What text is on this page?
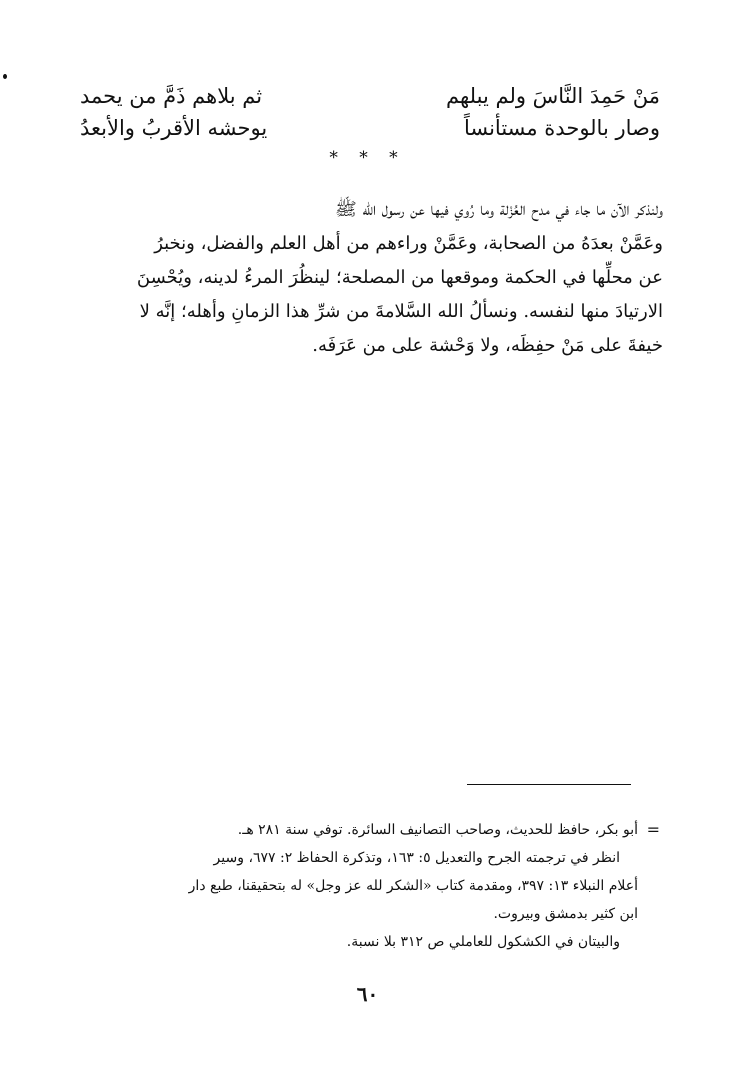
مَنْ حَمِدَ النَّاسَ ولم يبلهم
ثم بلاهم ذَمَّ من يحمد
وصار بالوحدة مستأنساً
يوحشه الأقربُ والأبعدُ
* * *
ولنذكر الآن ما جاء في مدح العُزْلة وما رُوي فيها عن رسول الله ﷺ
وعَمَّنْ بعدَهُ من الصحابة، وعَمَّنْ وراءهم من أهل العلم والفضل، ونخبرُ
عن محلِّها في الحكمة وموقعها من المصلحة؛ لينظُرَ المرءُ لدينه، ويُحْسِنَ
الارتيادَ منها لنفسه. ونسألُ الله السَّلامةَ من شرِّ هذا الزمانِ وأهله؛ إنَّه لا
خيفةَ على مَنْ حفِظَه، ولا وَحْشة على من عَرَفَه.
=
أبو بكر، حافظ للحديث، وصاحب التصانيف السائرة. توفي سنة ٢٨١ هـ.
انظر في ترجمته الجرح والتعديل ٥: ١٦٣، وتذكرة الحفاظ ٢: ٦٧٧، وسير
أعلام النبلاء ١٣: ٣٩٧، ومقدمة كتاب «الشكر لله عز وجل» له بتحقيقنا، طبع دار
ابن كثير بدمشق وبيروت.
والبيتان في الكشكول للعاملي ص ٣١٢ بلا نسبة.
٦٠
